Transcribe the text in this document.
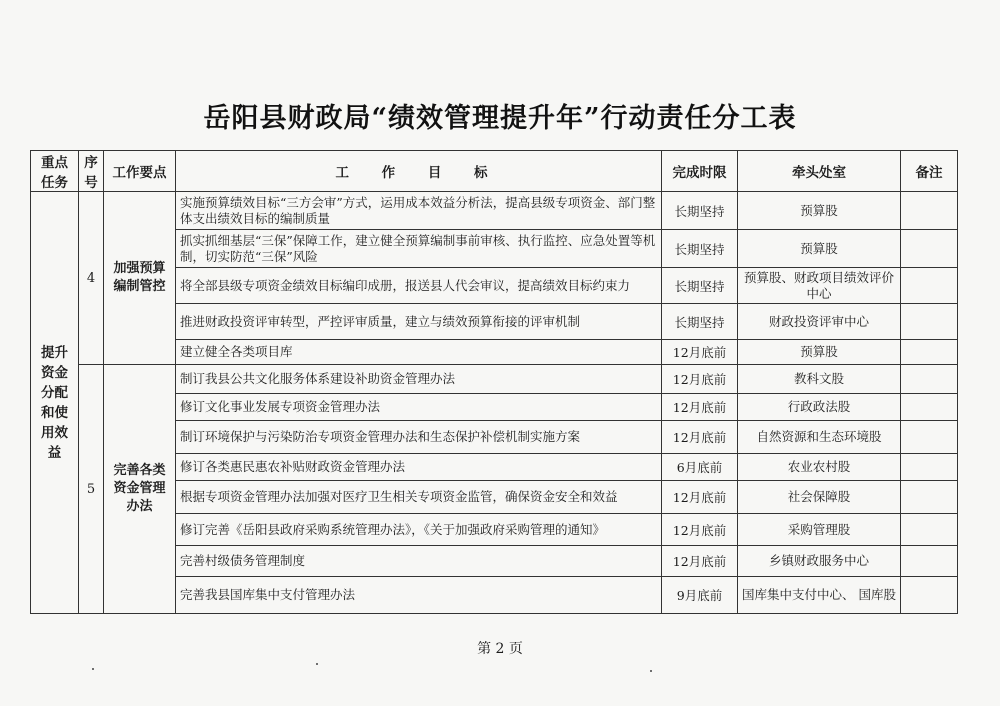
岳阳县财政局“绩效管理提升年”行动责任分工表
重点任务	序号	工作要点	工 作 目 标	完成时限	牵头处室	备注
提升资金分配和使用效益	4	加强预算编制管控	实施预算绩效目标“三方会审”方式，运用成本效益分析法，提高县级专项资金、部门整体支出绩效目标的编制质量	长期坚持	预算股	
			抓实抓细基层“三保”保障工作，建立健全预算编制事前审核、执行监控、应急处置等机制，切实防范“三保”风险	长期坚持	预算股	
			将全部县级专项资金绩效目标编印成册，报送县人代会审议，提高绩效目标约束力	长期坚持	预算股、财政项目绩效评价中心	
			推进财政投资评审转型，严控评审质量，建立与绩效预算衔接的评审机制	长期坚持	财政投资评审中心	
			建立健全各类项目库	12月底前	预算股	
	5	完善各类资金管理办法	制订我县公共文化服务体系建设补助资金管理办法	12月底前	教科文股	
			修订文化事业发展专项资金管理办法	12月底前	行政政法股	
			制订环境保护与污染防治专项资金管理办法和生态保护补偿机制实施方案	12月底前	自然资源和生态环境股	
			修订各类惠民惠农补贴财政资金管理办法	6月底前	农业农村股	
			根据专项资金管理办法加强对医疗卫生相关专项资金监管，确保资金安全和效益	12月底前	社会保障股	
			修订完善《岳阳县政府采购系统管理办法》，《关于加强政府采购管理的通知》	12月底前	采购管理股	
			完善村级债务管理制度	12月底前	乡镇财政服务中心	
			完善我县国库集中支付管理办法	9月底前	国库集中支付中心、 国库股	
第 2 页
